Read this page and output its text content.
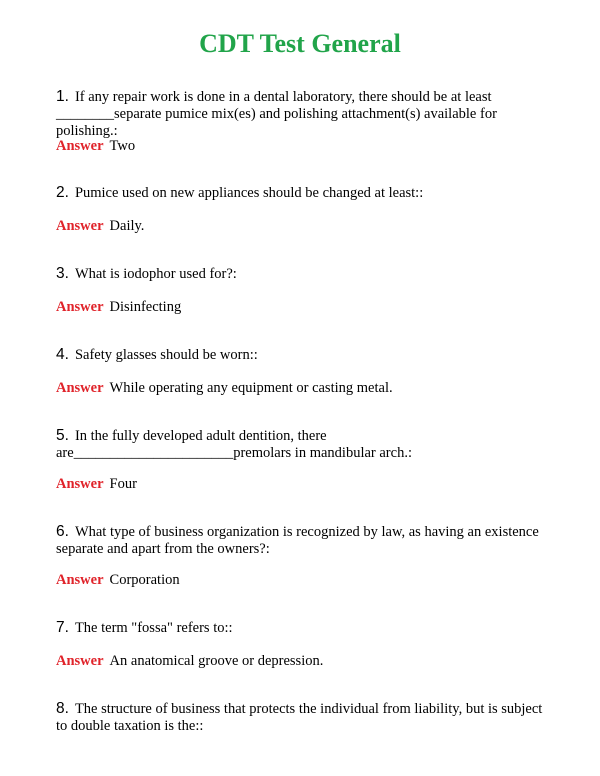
CDT Test General

1. If any repair work is done in a dental laboratory, there should be at least ________separate pumice mix(es) and polishing attachment(s) available for polishing.:

Answer Two

2. Pumice used on new appliances should be changed at least::

Answer Daily.

3. What is iodophor used for?:

Answer Disinfecting

4. Safety glasses should be worn::

Answer While operating any equipment or casting metal.

5. In the fully developed adult dentition, there are______________________premolars in mandibular arch.:

Answer Four

6. What type of business organization is recognized by law, as having an existence separate and apart from the owners?:

Answer Corporation

7. The term "fossa" refers to::

Answer An anatomical groove or depression.

8. The structure of business that protects the individual from liability, but is subject to double taxation is the::
